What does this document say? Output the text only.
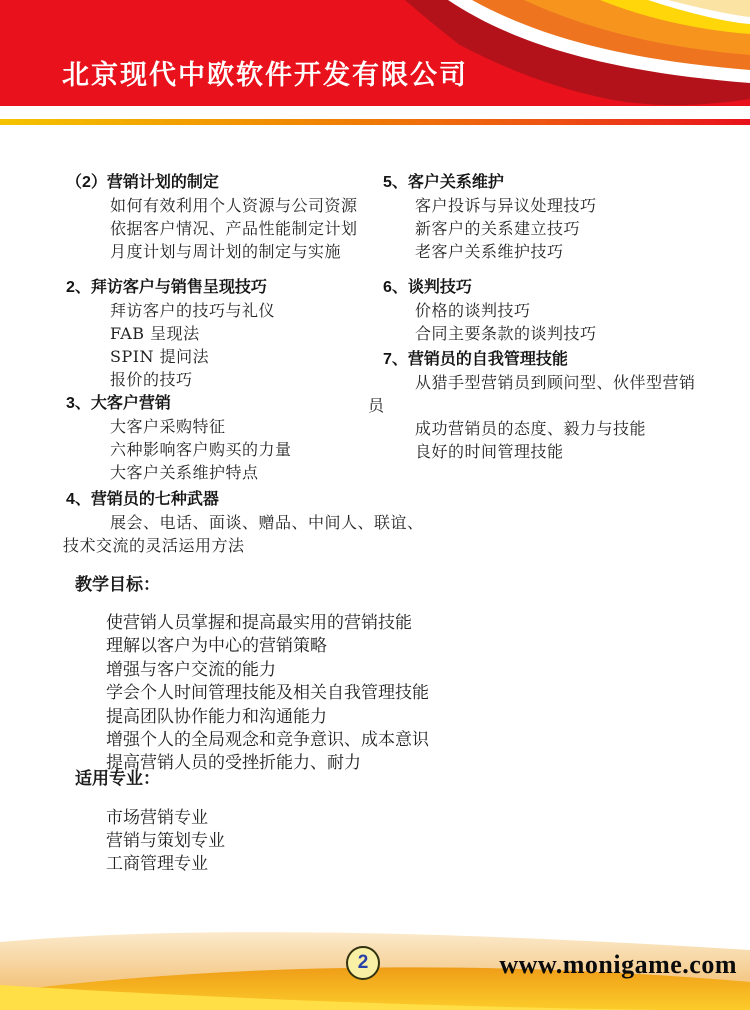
北京现代中欧软件开发有限公司
（2）营销计划的制定
如何有效利用个人资源与公司资源
依据客户情况、产品性能制定计划
月度计划与周计划的制定与实施
2、拜访客户与销售呈现技巧
拜访客户的技巧与礼仪
FAB 呈现法
SPIN 提问法
报价的技巧
3、大客户营销
大客户采购特征
六种影响客户购买的力量
大客户关系维护特点
4、营销员的七种武器
展会、电话、面谈、赠品、中间人、联谊、
技术交流的灵活运用方法
5、客户关系维护
客户投诉与异议处理技巧
新客户的关系建立技巧
老客户关系维护技巧
6、谈判技巧
价格的谈判技巧
合同主要条款的谈判技巧
7、营销员的自我管理技能
从猎手型营销员到顾问型、伙伴型营销
员
成功营销员的态度、毅力与技能
良好的时间管理技能
教学目标：
使营销人员掌握和提高最实用的营销技能
理解以客户为中心的营销策略
增强与客户交流的能力
学会个人时间管理技能及相关自我管理技能
提高团队协作能力和沟通能力
增强个人的全局观念和竞争意识、成本意识
提高营销人员的受挫折能力、耐力
适用专业：
市场营销专业
营销与策划专业
工商管理专业
2	www.monigame.com
